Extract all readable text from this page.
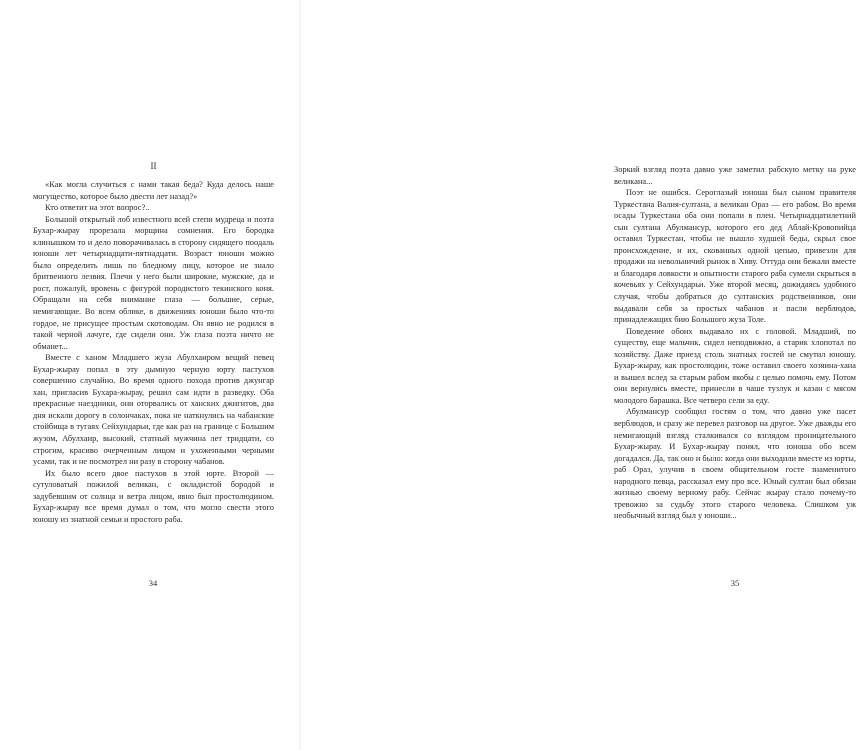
II

«Как могла случиться с нами такая беда? Куда делось наше могущество, которое было двести лет назад?»

Кто ответит на этот вопрос?..

Большой открытый лоб известного всей степи мудреца и поэта Бухар-жырау прорезала морщина сомнения. Его бородка клинышком то и дело поворачивалась в сторону сидящего поодаль юноши лет четырнадцати-пятнадцати. Возраст юноши можно было определить лишь по бледному лицу, которое не знало бритвенного лезвия. Плечи у него были широкие, мужские, да и рост, пожалуй, вровень с фигурой породистого текинского коня. Обращали на себя внимание глаза — большие, серые, немигающие. Во всем облике, в движениях юноши было что-то гордое, не присущее простым скотоводам. Он явно не родился в такой черной лачуге, где сидели они. Уж глаза поэта ничто не обманет...

Вместе с ханом Младшего жуза Абулхаиром вещий певец Бухар-жырау попал в эту дымную черную юрту пастухов совершенно случайно. Во время одного похода против джунгар хан, пригласив Бухара-жырау, решил сам идти в разведку. Оба прекрасные наездники, они оторвались от ханских джигитов, два дня искали дорогу в солончаках, пока не наткнулись на чабанские стойбища в тугаях Сейхундарьи, где как раз на границе с Большим жузом, Абулхаир, высокий, статный мужчина лет тридцати, со строгим, красиво очерченным лицом и ухоженными черными усами, так и не посмотрел ни разу в сторону чабанов.

Их было всего двое пастухов в этой юрте. Второй — сутуловатый пожилой великан, с окладистой бородой и задубевшим от солнца и ветра лицом, явно был простолюдином. Бухар-жырау все время думал о том, что могло свести этого юношу из знатной семьи и простого раба.

34

Зоркий взгляд поэта давно уже заметил рабскую метку на руке великана...

Поэт не ошибся. Сероглазый юноша был сыном правителя Туркестана Валия-султана, а великан Ораз — его рабом. Во время осады Туркестана оба они попали в плен. Четырнадцатилетний сын султана Абулмансур, которого его дед Аблай-Кровопийца оставил Туркестан, чтобы не вышло худшей беды, скрыл свое происхождение, и их, скованных одной цепью, привезли для продажи на невольничий рынок в Хиву. Оттуда они бежали вместе и благодаря ловкости и опытности старого раба сумели скрыться в кочевьях у Сейхундарьи. Уже второй месяц, дожидаясь удобного случая, чтобы добраться до султанских родственников, они выдавали себя за простых чабанов и пасли верблюдов, принадлежащих бию Большого жуза Толе.

Поведение обоих выдавало их с головой. Младший, по существу, еще мальчик, сидел неподвижно, а старик хлопотал по хозяйству. Даже приезд столь знатных гостей не смутил юношу. Бухар-жырау, как простолюдин, тоже оставил своего хозяина-хана и вышел вслед за старым рабом якобы с целью помочь ему. Потом они вернулись вместе, принесли в чаше тузлук и казан с мясом молодого барашка. Все четверо сели за еду.

Абулмансур сообщил гостям о том, что давно уже пасет верблюдов, и сразу же перевел разговор на другое. Уже дважды его немигающий взгляд сталкивался со взглядом проницательного Бухар-жырау. И Бухар-жырау понял, что юноша обо всем догадался. Да, так оно и было: когда они выходили вместе из юрты, раб Ораз, улучив в своем общительном госте знаменитого народного певца, рассказал ему про все. Юный султан был обязан жизнью своему верному рабу. Сейчас жырау стало почему-то тревожно за судьбу этого старого человека. Слишком уж необычный взгляд был у юноши...

35
